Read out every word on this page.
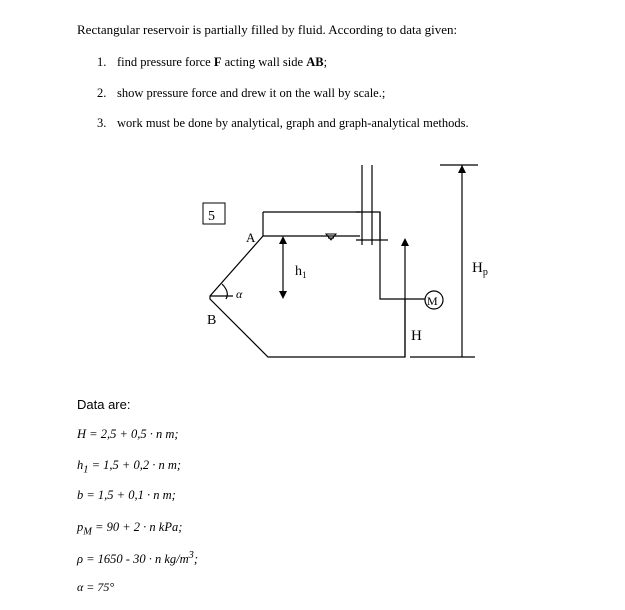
Rectangular reservoir is partially filled by fluid. According to data given:
1. find pressure force F acting wall side AB;
2. show pressure force and drew it on the wall by scale.;
3. work must be done by analytical, graph and graph-analytical methods.
5
A
B
α
$h_1$
M
H
$H_p$
Data are:
H = 2,5 + 0,5 · n m;
$h_1 = 1,5 + 0,2 \cdot n$ m;
b = 1,5 + 0,1 · n m;
$p_M = 90 + 2 \cdot n$ kPa;
ρ = 1650 - 30 · n $kg/m^3$;
α = 75°
